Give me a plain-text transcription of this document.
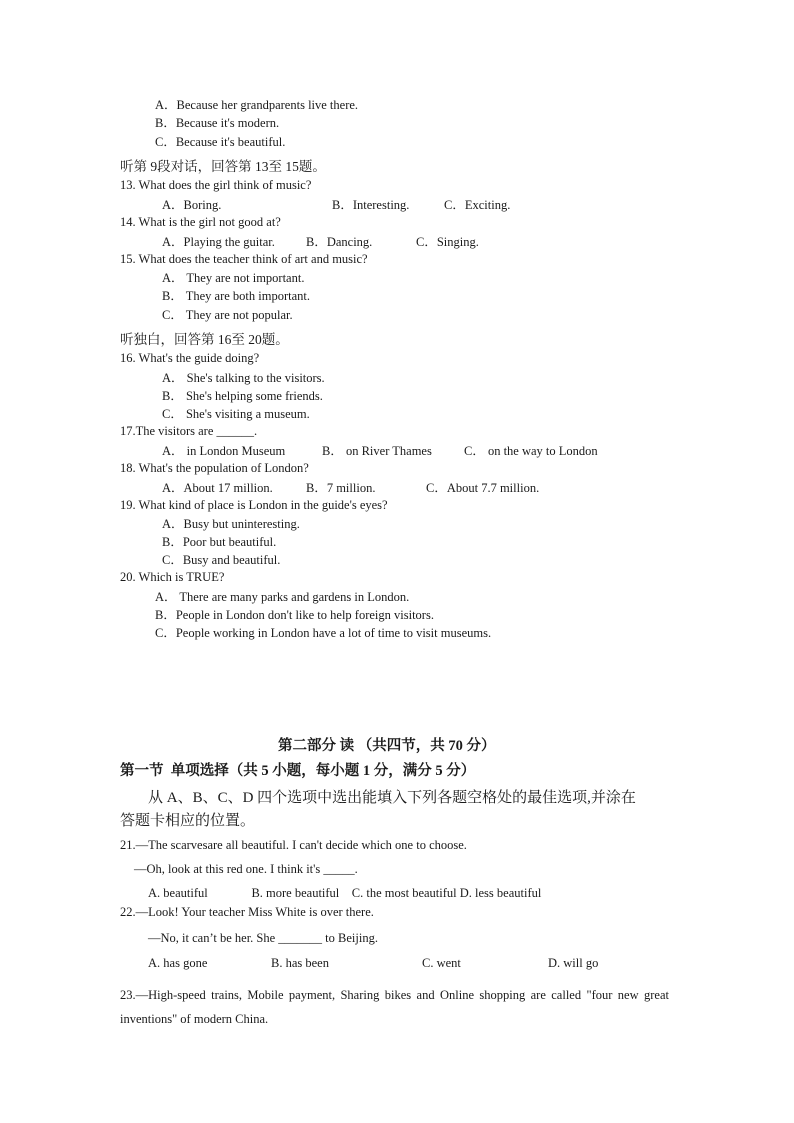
A．Because her grandparents live there.
B．Because it's modern.
C．Because it's beautiful.
听第 9段对话，回答第 13至 15题。
13. What does the girl think of music?
A．Boring.	B．Interesting.	C．Exciting.
14. What is the girl not good at?
A．Playing the guitar. B．Dancing.	C．Singing.
15. What does the teacher think of art and music?
A． They are not important.
B． They are both important.
C． They are not popular.
听独白，回答第 16至 20题。
16. What's the guide doing?
A． She's talking to the visitors.
B． She's helping some friends.
C． She's visiting a museum.
17.The visitors are ______.
A． in London Museum	B． on River Thames	C． on the way to London
18. What's the population of London?
A．About 17 million.	B．7 million.	C．About 7.7 million.
19. What kind of place is London in the guide's eyes?
A．Busy but uninteresting.
B．Poor but beautiful.
C．Busy and beautiful.
20. Which is TRUE?
A． There are many parks and gardens in London.
B．People in London don't like to help foreign visitors.
C．People working in London have a lot of time to visit museums.
第二部分 读 （共四节，共 70 分）
第一节  单项选择（共 5 小题，每小题 1 分，满分 5 分）
从 A、B、C、D 四个选项中选出能填入下列各题空格处的最佳选项,并涂在
答题卡相应的位置。
21.—The scarvesare all beautiful. I can't decide which one to choose.
—Oh, look at this red one. I think it's _____.
A. beautiful              B. more beautiful    C. the most beautiful D. less beautiful
22.—Look! Your teacher Miss White is over there.
—No, it can’t be her. She _______ to Beijing.
A. has gone	B. has been	C. went	D. will go
23.—High-speed trains, Mobile payment, Sharing bikes and Online shopping are called "four new great inventions" of modern China.
